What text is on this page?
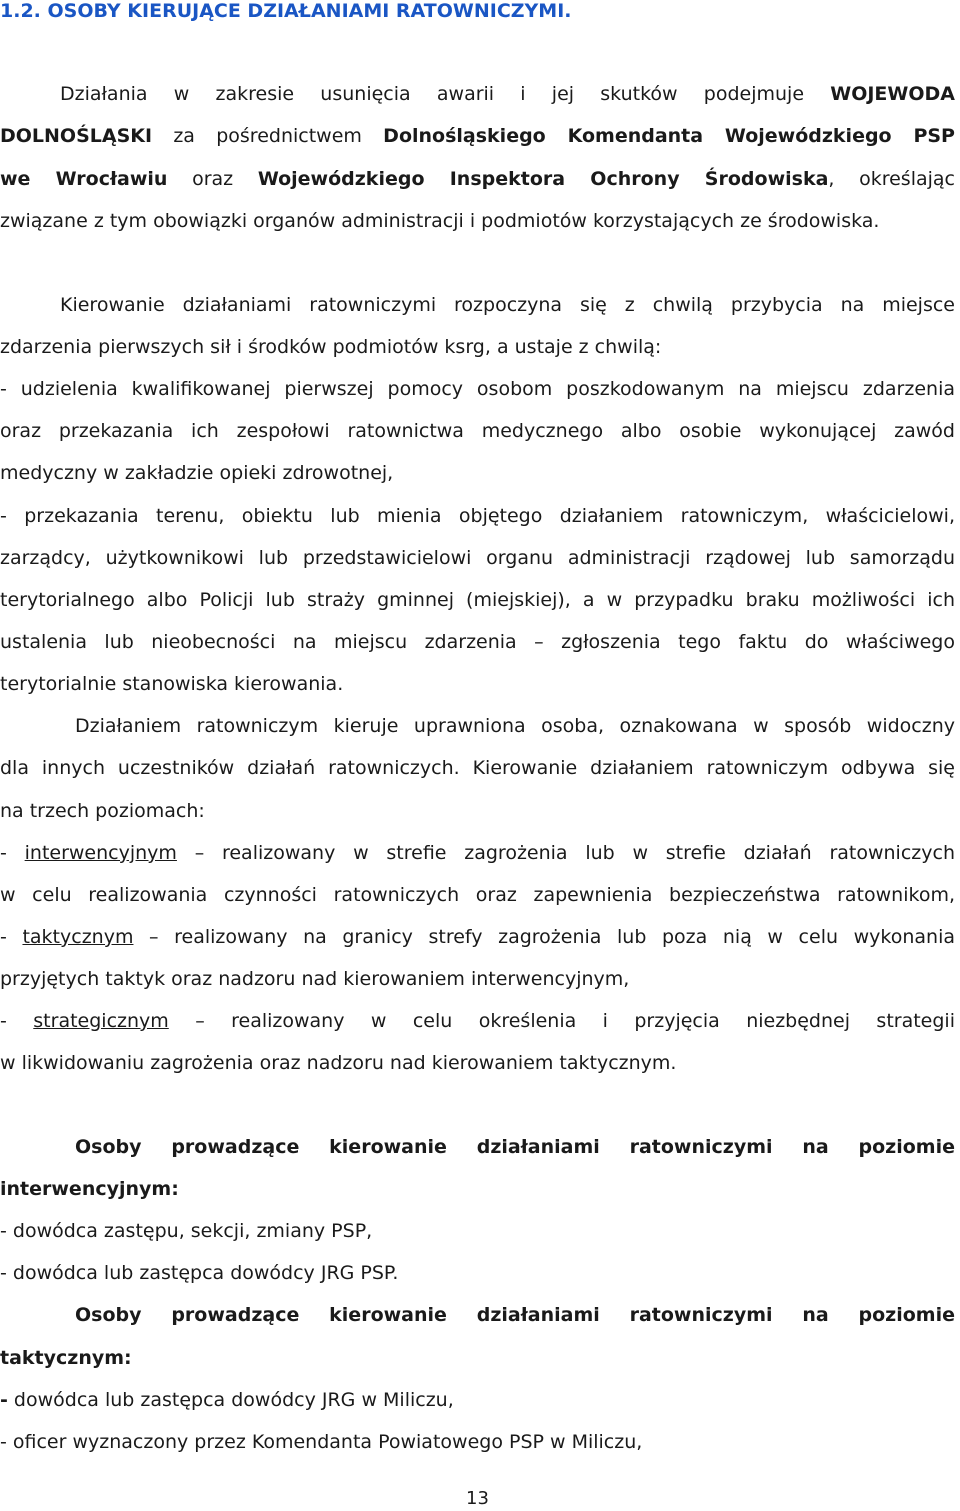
1.2. OSOBY KIERUJĄCE DZIAŁANIAMI RATOWNICZYMI.
Działania w zakresie usunięcia awarii i jej skutków podejmuje WOJEWODA
DOLNOŚLĄSKI za pośrednictwem Dolnośląskiego Komendanta Wojewódzkiego PSP
we Wrocławiu oraz Wojewódzkiego Inspektora Ochrony Środowiska, określając
związane z tym obowiązki organów administracji i podmiotów korzystających ze środowiska.
Kierowanie działaniami ratowniczymi rozpoczyna się z chwilą przybycia na miejsce
zdarzenia pierwszych sił i środków podmiotów ksrg, a ustaje z chwilą:
- udzielenia kwalifikowanej pierwszej pomocy osobom poszkodowanym na miejscu zdarzenia
oraz przekazania ich zespołowi ratownictwa medycznego albo osobie wykonującej zawód
medyczny w zakładzie opieki zdrowotnej,
- przekazania terenu, obiektu lub mienia objętego działaniem ratowniczym, właścicielowi,
zarządcy, użytkownikowi lub przedstawicielowi organu administracji rządowej lub samorządu
terytorialnego albo Policji lub straży gminnej (miejskiej), a w przypadku braku możliwości ich
ustalenia lub nieobecności na miejscu zdarzenia – zgłoszenia tego faktu do właściwego
terytorialnie stanowiska kierowania.
Działaniem ratowniczym kieruje uprawniona osoba, oznakowana w sposób widoczny
dla innych uczestników działań ratowniczych. Kierowanie działaniem ratowniczym odbywa się
na trzech poziomach:
- interwencyjnym – realizowany w strefie zagrożenia lub w strefie działań ratowniczych
w celu realizowania czynności ratowniczych oraz zapewnienia bezpieczeństwa ratownikom,
- taktycznym – realizowany na granicy strefy zagrożenia lub poza nią w celu wykonania
przyjętych taktyk oraz nadzoru nad kierowaniem interwencyjnym,
- strategicznym – realizowany w celu określenia i przyjęcia niezbędnej strategii
w likwidowaniu zagrożenia oraz nadzoru nad kierowaniem taktycznym.
Osoby prowadzące kierowanie działaniami ratowniczymi na poziomie
interwencyjnym:
- dowódca zastępu, sekcji, zmiany PSP,
- dowódca lub zastępca dowódcy JRG PSP.
Osoby prowadzące kierowanie działaniami ratowniczymi na poziomie
taktycznym:
- dowódca lub zastępca dowódcy JRG w Miliczu,
- oficer wyznaczony przez Komendanta Powiatowego PSP w Miliczu,
13
